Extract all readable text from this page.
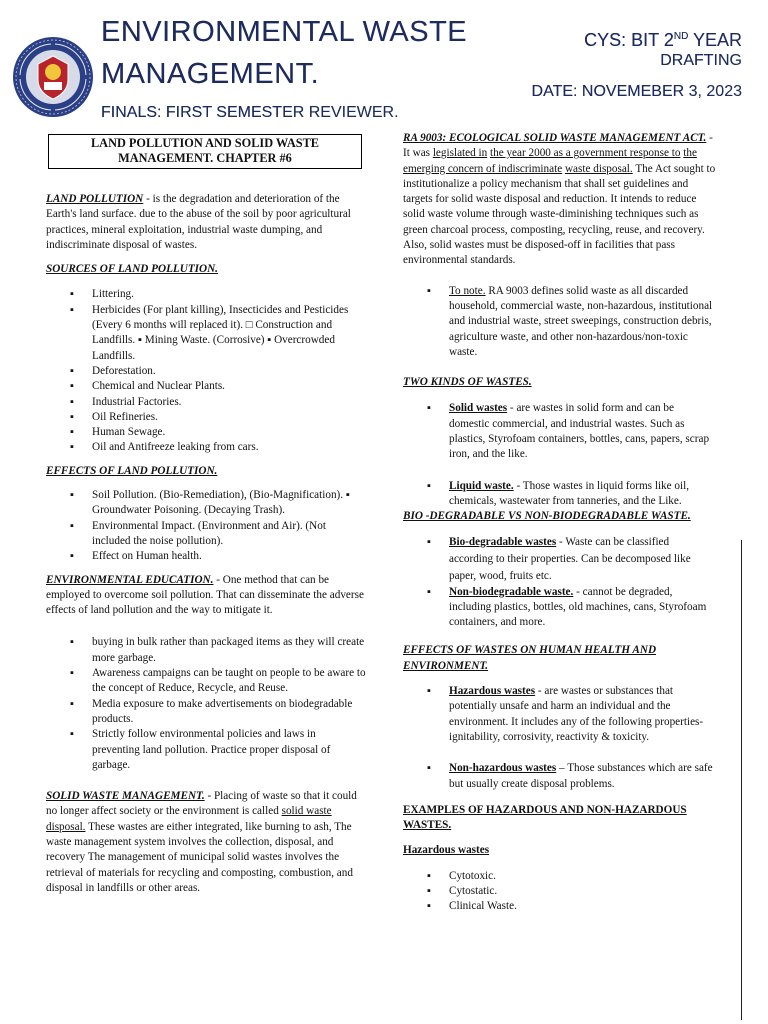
ENVIRONMENTAL WASTE
MANAGEMENT.
FINALS: FIRST SEMESTER REVIEWER.
CYS: BIT 2ND YEAR
DRAFTING
DATE: NOVEMEBER 3, 2023
LAND POLLUTION AND SOLID WASTE MANAGEMENT. CHAPTER #6

LAND POLLUTION - is the degradation and deterioration of the Earth's land surface. due to the abuse of the soil by poor agricultural practices, mineral exploitation, industrial waste dumping, and indiscriminate disposal of wastes.

SOURCES OF LAND POLLUTION.

▪ Littering.
▪ Herbicides (For plant killing), Insecticides and Pesticides (Every 6 months will replaced it). □ Construction and Landfills. ▪ Mining Waste. (Corrosive) ▪ Overcrowded Landfills.
▪ Deforestation.
▪ Chemical and Nuclear Plants.
▪ Industrial Factories.
▪ Oil Refineries.
▪ Human Sewage.
▪ Oil and Antifreeze leaking from cars.

EFFECTS OF LAND POLLUTION.

▪ Soil Pollution. (Bio-Remediation), (Bio-Magnification). ▪ Groundwater Poisoning. (Decaying Trash).
▪ Environmental Impact. (Environment and Air). (Not included the noise pollution).
▪ Effect on Human health.

ENVIRONMENTAL EDUCATION. - One method that can be employed to overcome soil pollution. That can disseminate the adverse effects of land pollution and the way to mitigate it.

▪ buying in bulk rather than packaged items as they will create more garbage.
▪ Awareness campaigns can be taught on people to be aware to the concept of Reduce, Recycle, and Reuse.
▪ Media exposure to make advertisements on biodegradable products.
▪ Strictly follow environmental policies and laws in preventing land pollution. Practice proper disposal of garbage.

SOLID WASTE MANAGEMENT. - Placing of waste so that it could no longer affect society or the environment is called solid waste disposal. These wastes are either integrated, like burning to ash, The waste management system involves the collection, disposal, and recovery The management of municipal solid wastes involves the retrieval of materials for recycling and composting, combustion, and disposal in landfills or other areas.

RA 9003: ECOLOGICAL SOLID WASTE MANAGEMENT ACT. - It was legislated in the year 2000 as a government response to the emerging concern of indiscriminate waste disposal. The Act sought to institutionalize a policy mechanism that shall set guidelines and targets for solid waste disposal and reduction. It intends to reduce solid waste volume through waste-diminishing techniques such as green charcoal process, composting, recycling, reuse, and recovery. Also, solid wastes must be disposed-off in facilities that pass environmental standards.

▪ To note. RA 9003 defines solid waste as all discarded household, commercial waste, non-hazardous, institutional and industrial waste, street sweepings, construction debris, agriculture waste, and other non-hazardous/non-toxic waste.

TWO KINDS OF WASTES.

▪ Solid wastes - are wastes in solid form and can be domestic commercial, and industrial wastes. Such as plastics, Styrofoam containers, bottles, cans, papers, scrap iron, and the like.
▪ Liquid waste. - Those wastes in liquid forms like oil, chemicals, wastewater from tanneries, and the Like.

BIO -DEGRADABLE VS NON-BIODEGRADABLE WASTE.

▪ Bio-degradable wastes - Waste can be classified according to their properties. Can be decomposed like paper, wood, fruits etc.
▪ Non-biodegradable waste. - cannot be degraded, including plastics, bottles, old machines, cans, Styrofoam containers, and more.

EFFECTS OF WASTES ON HUMAN HEALTH AND ENVIRONMENT.

▪ Hazardous wastes - are wastes or substances that potentially unsafe and harm an individual and the environment. It includes any of the following properties-ignitability, corrosivity, reactivity & toxicity.
▪ Non-hazardous wastes – Those substances which are safe but usually create disposal problems.

EXAMPLES OF HAZARDOUS AND NON-HAZARDOUS WASTES.

Hazardous wastes

▪ Cytotoxic.
▪ Cytostatic.
▪ Clinical Waste.
